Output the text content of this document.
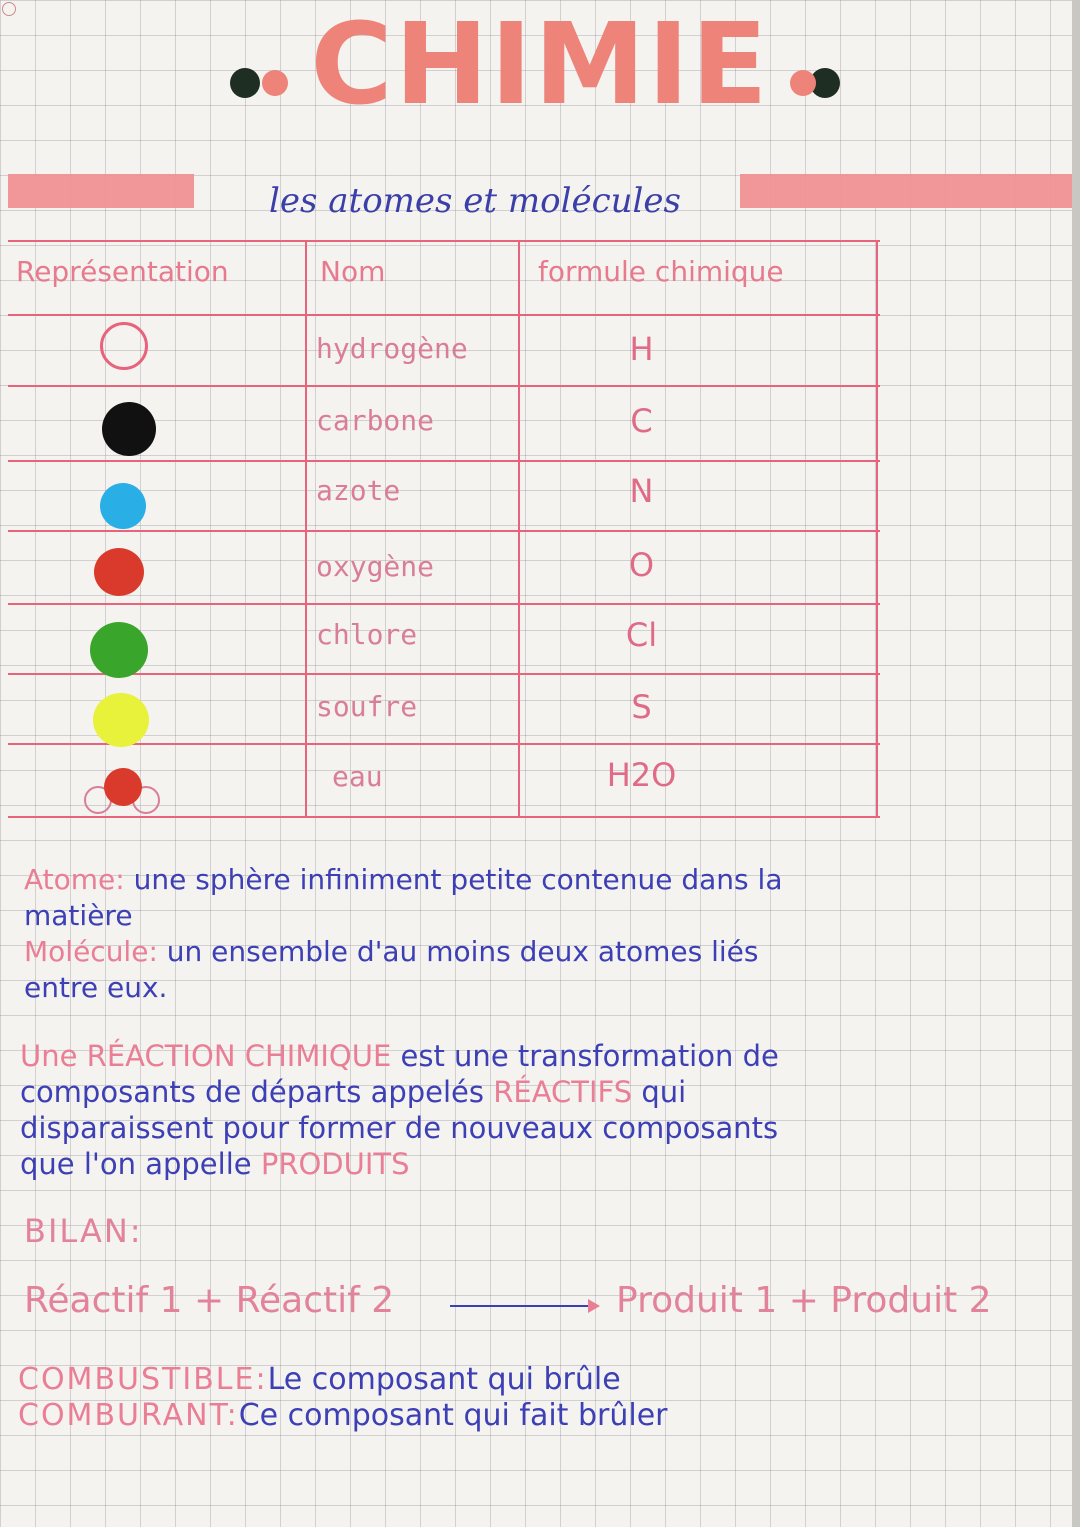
CHIMIE
les atomes et molécules
Représentation	Nom	formule chimique
hydrogène	H
carbone	C
azote	N
oxygène	O
chlore	Cl
soufre	S
eau	H2O
Atome: une sphère infiniment petite contenue dans la
matière
Molécule: un ensemble d'au moins deux atomes liés
entre eux.
Une RÉACTION CHIMIQUE est une transformation de
composants de départs appelés RÉACTIFS qui
disparaissent pour former de nouveaux composants
que l'on appelle PRODUITS
BILAN:
Réactif 1 + Réactif 2	Produit 1 + Produit 2
COMBUSTIBLE:Le composant qui brûle
COMBURANT:Ce composant qui fait brûler
